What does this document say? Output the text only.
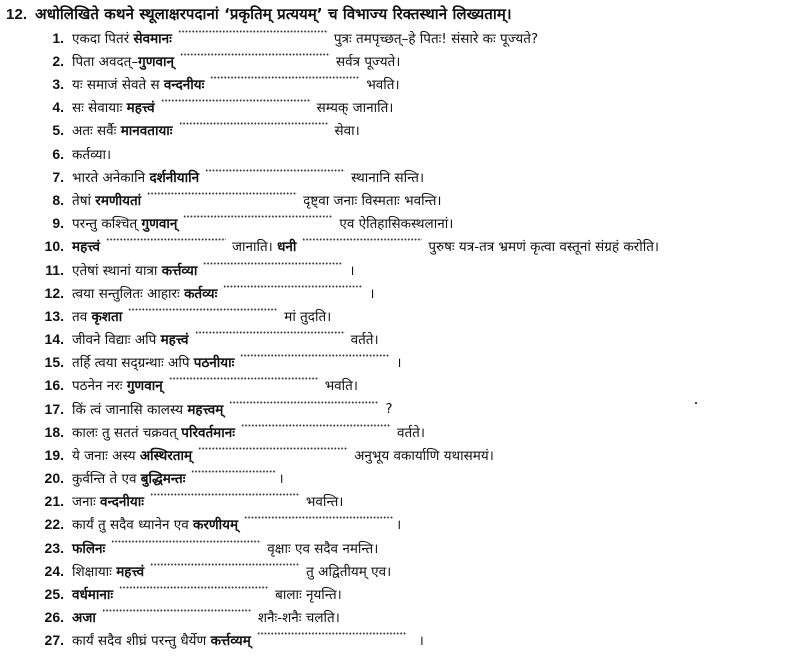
12. अधोलिखिते कथने स्थूलाक्षरपदानां ‘प्रकृतिम् प्रत्ययम्’ च विभाज्य रिक्तस्थाने लिख्यताम्।
1. एकदा पितरं
सेवमानः	पुत्रः तमपृच्छत्–हे पितः! संसारे कः पूज्यते?
2. पिता अवदत्– गुणवान्	सर्वत्र पूज्यते।
3. यः समाजं सेवते स
वन्दनीयः	भवति।
4. सः सेवायाः
महत्त्वं	सम्यक् जानाति।
5. अतः सर्वैः
मानवतायाः	सेवा।
6. कर्तव्या।
7. भारते अनेकानि
दर्शनीयानि	स्थानानि सन्ति।
8. तेषां
रमणीयतां	दृष्ट्वा जनाः विस्मताः भवन्ति।
9. परन्तु कश्चित्
गुणवान्	एव ऐतिहासिकस्थलानां।
10. महत्त्वं	जानाति।
धनी	पुरुषः यत्र-तत्र भ्रमणं कृत्वा वस्तूनां संग्रहं करोति।
11. एतेषां स्थानां यात्रा
कर्त्तव्या	।
12. त्वया सन्तुलितः आहारः
कर्तव्यः	।
13. तव
कृशता	मां तुदति।
14. जीवने विद्याः अपि
महत्त्वं	वर्तते।
15. तर्हि त्वया सद्ग्रन्थाः अपि
पठनीयाः	।
16. पठनेन नरः
गुणवान्	भवति।
17. किं त्वं जानासि कालस्य
महत्त्वम्	?
18. कालः तु सततं चक्रवत्
परिवर्तमानः	वर्तते।
19. ये जनाः अस्य
अस्थिरताम्	अनुभूय वकार्याणि यथासमयं।
20. कुर्वन्ति ते एव
बुद्धिमन्तः	।
21. जनाः
वन्दनीयाः	भवन्ति।
22. कार्यं तु सदैव ध्यानेन एव
करणीयम्	।
23. फलिनः	वृक्षाः एव सदैव नमन्ति।
24. शिक्षायाः
महत्त्वं	तु अद्वितीयम् एव।
25. वर्धमानाः	बालाः नृयन्ति।
26. अजा	शनैः-शनैः चलति।
27. कार्यं सदैव शीघ्रं परन्तु धैर्येण
कर्त्तव्यम्	।
